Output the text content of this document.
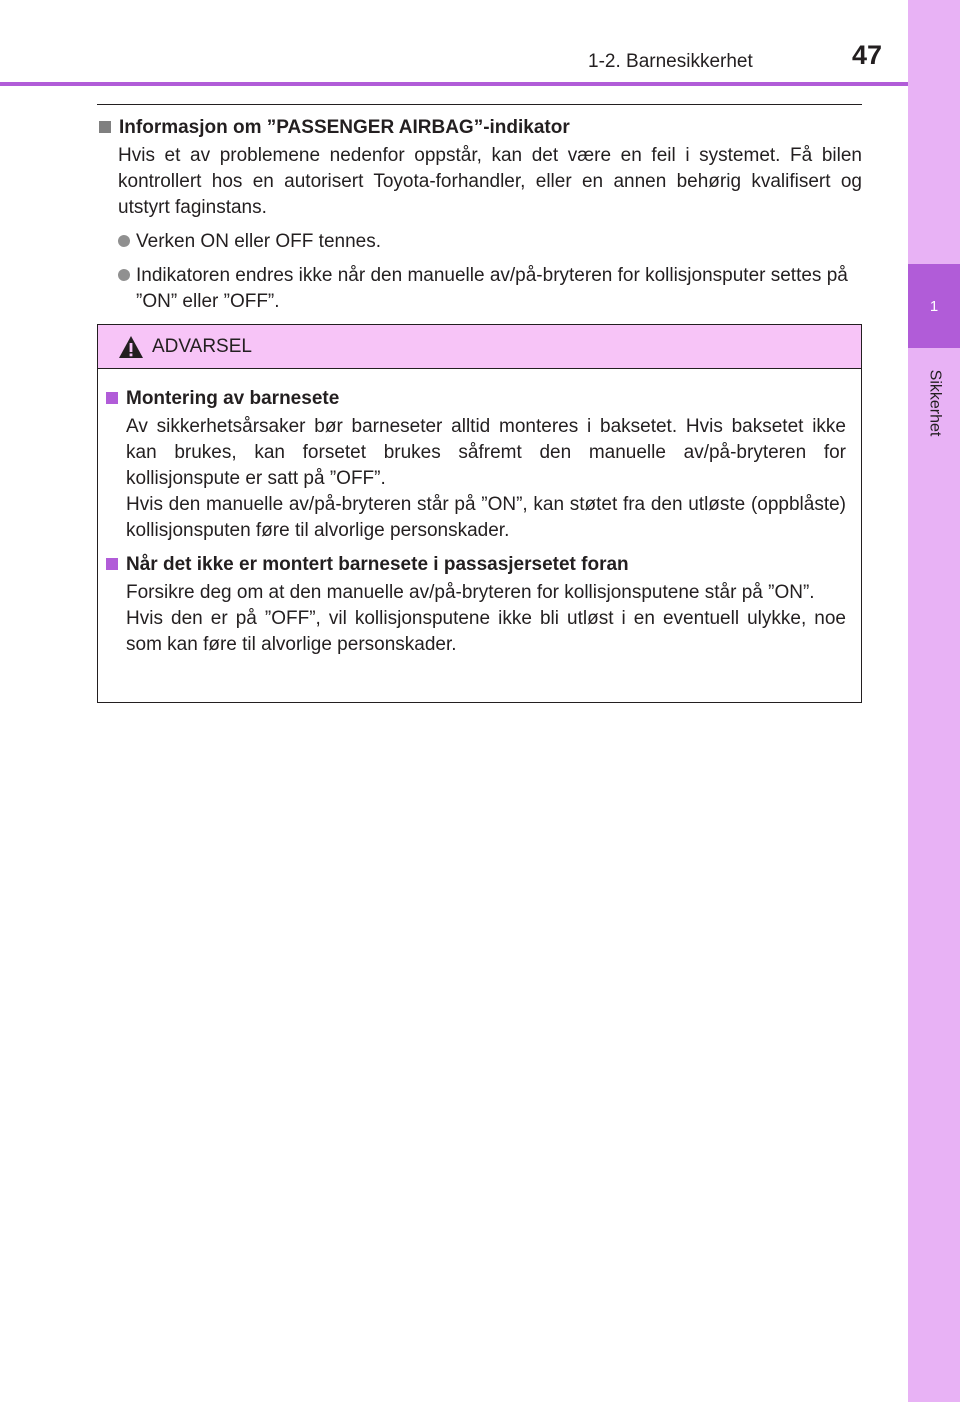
1
Sikkerhet
1-2. Barnesikkerhet	47
Informasjon om ”PASSENGER AIRBAG”-indikator
Hvis et av problemene nedenfor oppstår, kan det være en feil i systemet. Få bilen kontrollert hos en autorisert Toyota-forhandler, eller en annen behørig kvalifisert og utstyrt faginstans.
Verken ON eller OFF tennes.
Indikatoren endres ikke når den manuelle av/på-bryteren for kollisjonsputer settes på ”ON” eller ”OFF”.
ADVARSEL
Montering av barnesete
Av sikkerhetsårsaker bør barneseter alltid monteres i baksetet. Hvis baksetet ikke kan brukes, kan forsetet brukes såfremt den manuelle av/på-bryteren for kollisjonspute er satt på ”OFF”.
Hvis den manuelle av/på-bryteren står på ”ON”, kan støtet fra den utløste (oppblåste) kollisjonsputen føre til alvorlige personskader.
Når det ikke er montert barnesete i passasjersetet foran
Forsikre deg om at den manuelle av/på-bryteren for kollisjonsputene står på ”ON”.
Hvis den er på ”OFF”, vil kollisjonsputene ikke bli utløst i en eventuell ulykke, noe som kan føre til alvorlige personskader.
